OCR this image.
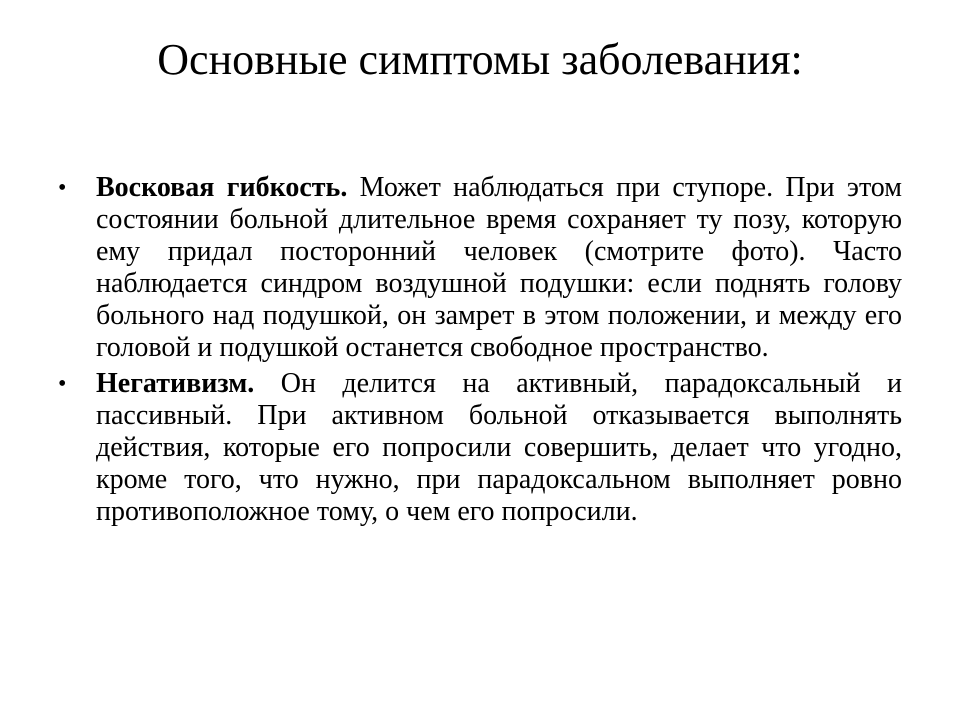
Основные симптомы заболевания:
• Восковая гибкость. Может наблюдаться при ступоре. При этом состоянии больной длительное время сохраняет ту позу, которую ему придал посторонний человек (смотрите фото). Часто наблюдается синдром воздушной подушки: если поднять голову больного над подушкой, он замрет в этом положении, и между его головой и подушкой останется свободное пространство.
• Негативизм. Он делится на активный, парадоксальный и пассивный. При активном больной отказывается выполнять действия, которые его попросили совершить, делает что угодно, кроме того, что нужно, при парадоксальном выполняет ровно противоположное тому, о чем его попросили.
